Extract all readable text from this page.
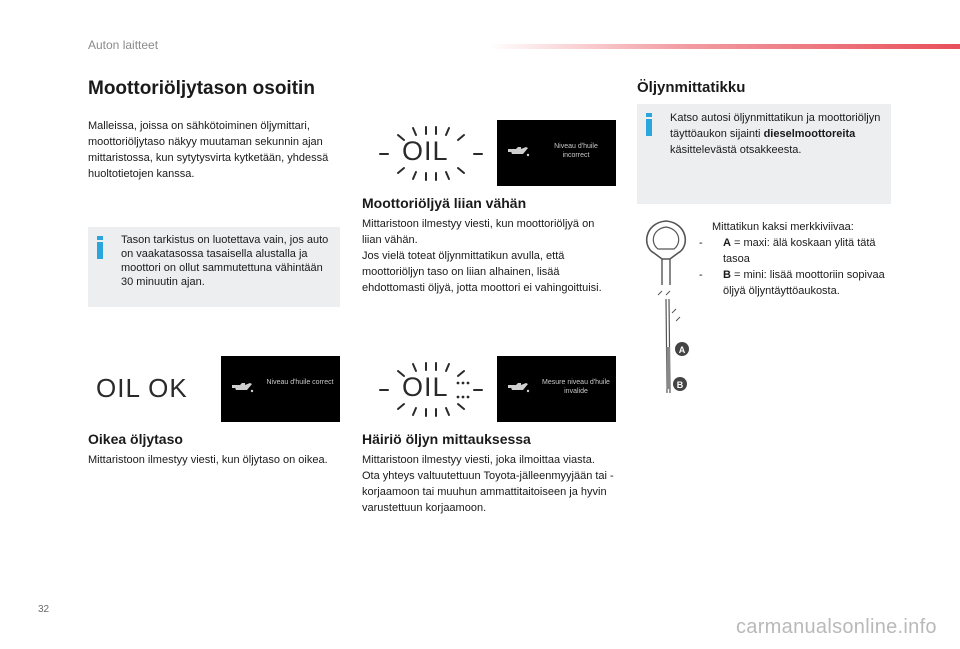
Auton laitteet
Moottoriöljytason osoitin

Malleissa, joissa on sähkötoiminen öljymittari, moottoriöljytaso näkyy muutaman sekunnin ajan mittaristossa, kun sytytysvirta kytketään, yhdessä huoltotietojen kanssa.

Tason tarkistus on luotettava vain, jos auto on vaakatasossa tasaisella alustalla ja moottori on ollut sammutettuna vähintään 30 minuutin ajan.
OIL OK	Niveau d'huile correct
Oikea öljytaso

Mittaristoon ilmestyy viesti, kun öljytaso on oikea.

OIL	Niveau d'huile incorrect
Moottoriöljyä liian vähän

Mittaristoon ilmestyy viesti, kun moottoriöljyä on liian vähän.
Jos vielä toteat öljynmittatikun avulla, että moottoriöljyn taso on liian alhainen, lisää ehdottomasti öljyä, jotta moottori ei vahingoittuisi.

OIL	Mesure niveau d'huile invalide
Häiriö öljyn mittauksessa

Mittaristoon ilmestyy viesti, joka ilmoittaa viasta. Ota yhteys valtuutettuun Toyota-jälleenmyyjään tai -korjaamoon tai muuhun ammattitaitoiseen ja hyvin varustettuun korjaamoon.

Öljynmittatikku
Katso autosi öljynmittatikun ja moottoriöljyn täyttöaukon sijainti dieselmoottoreita käsittelevästä otsakkeesta.
A
B
Mittatikun kaksi merkkiviivaa:
-	A = maxi: älä koskaan ylitä tätä tasoa
-	B = mini: lisää moottoriin sopivaa öljyä öljyntäyttöaukosta.
32
carmanualsonline.info
